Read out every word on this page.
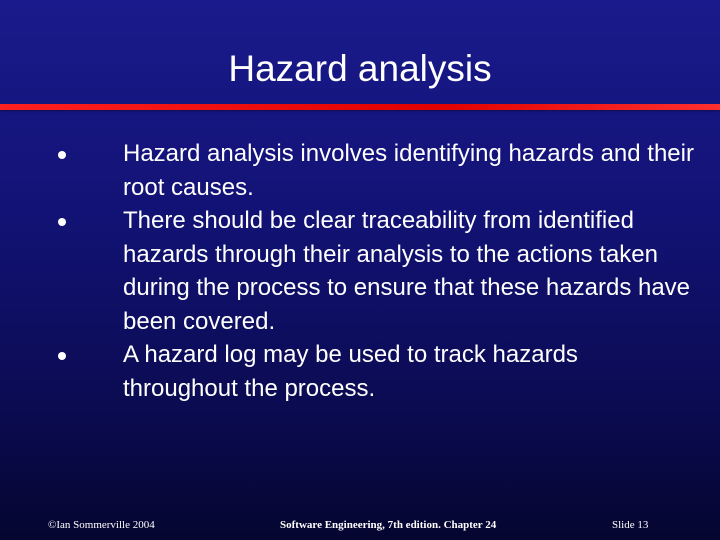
Hazard analysis
Hazard analysis involves identifying hazards and their root causes.
There should be clear traceability from identified hazards through their analysis to the actions taken during the process to ensure that these hazards have been covered.
A hazard log may be used to track hazards throughout the process.
©Ian Sommerville 2004	Software Engineering, 7th edition. Chapter 24	Slide 13
